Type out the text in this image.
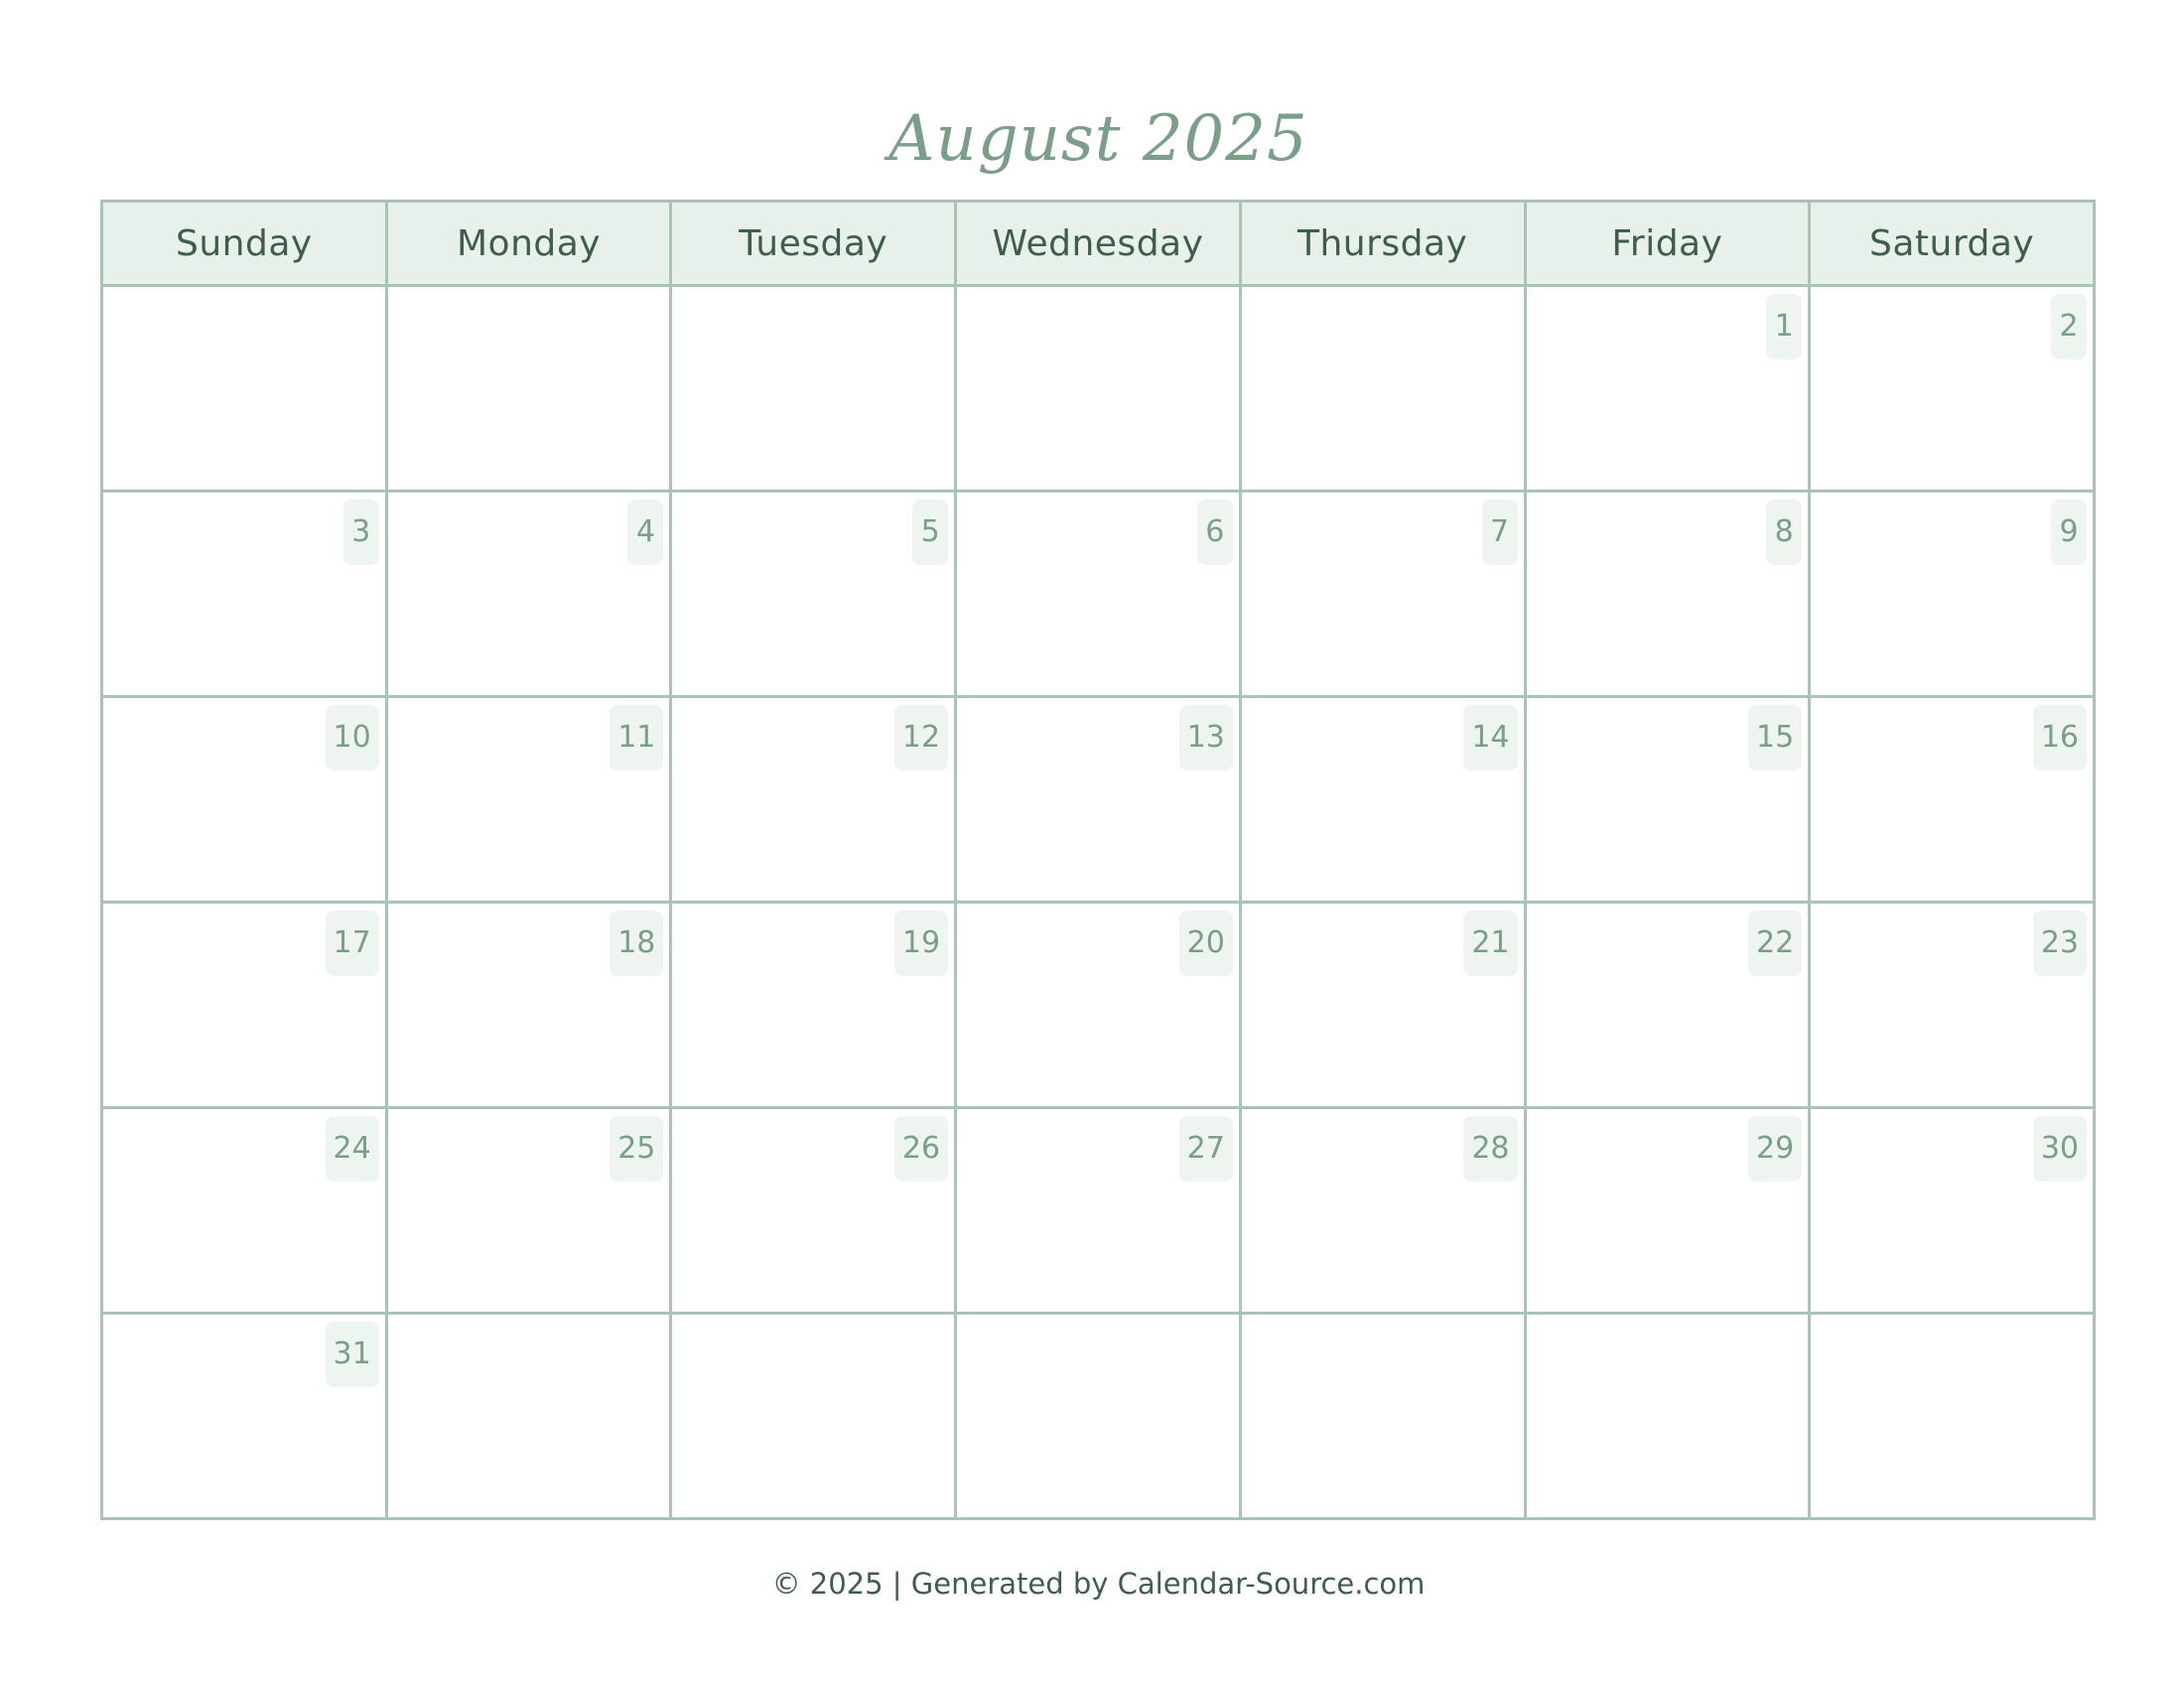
August 2025
Sunday	Monday	Tuesday	Wednesday	Thursday	Friday	Saturday

					1	2

3	4	5	6	7	8	9

10	11	12	13	14	15	16

17	18	19	20	21	22	23

24	25	26	27	28	29	30

31						

© 2025 | Generated by Calendar-Source.com
